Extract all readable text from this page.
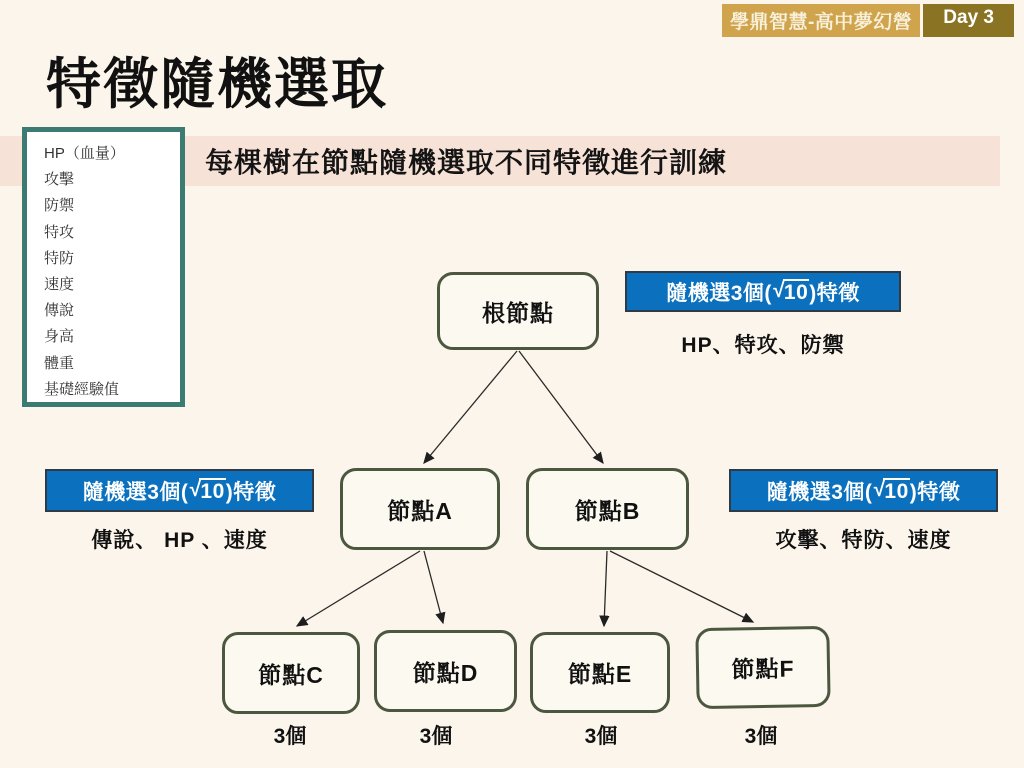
學鼎智慧-高中夢幻營	Day 3
特徵隨機選取
每棵樹在節點隨機選取不同特徵進行訓練
HP（血量）
攻擊
防禦
特攻
特防
速度
傳說
身高
體重
基礎經驗值
根節點
節點A	節點B
節點C	節點D	節點E	節點F
隨機選3個( √ 10 )特徵
隨機選3個( √ 10 )特徵	隨機選3個( √ 10 )特徵
HP、特攻、防禦
傳說、 HP 、速度	攻擊、特防、速度
3個	3個	3個	3個
